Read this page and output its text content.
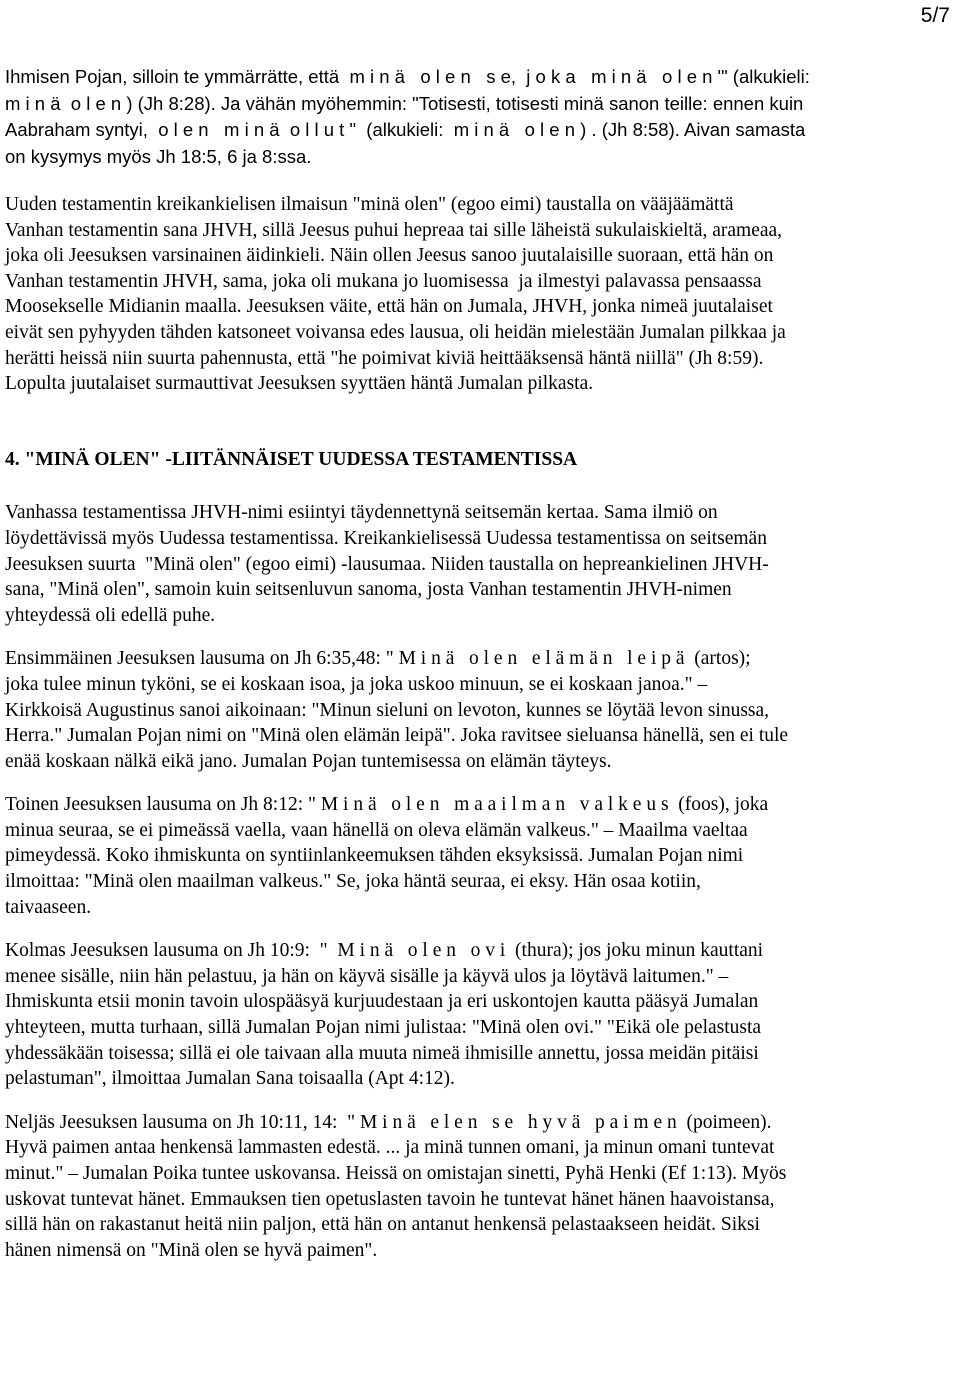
5/7

Ihmisen Pojan, silloin te ymmärrätte, että  m i n ä   o l e n   s e,  j o k a   m i n ä   o l e n '" (alkukieli:
m i n ä  o l e n ) (Jh 8:28). Ja vähän myöhemmin: "Totisesti, totisesti minä sanon teille: ennen kuin
Aabraham syntyi,  o l e n   m i n ä  o l l u t "  (alkukieli:  m i n ä   o l e n ) . (Jh 8:58). Aivan samasta
on kysymys myös Jh 18:5, 6 ja 8:ssa.

Uuden testamentin kreikankielisen ilmaisun "minä olen" (egoo eimi) taustalla on vääjäämättä
Vanhan testamentin sana JHVH, sillä Jeesus puhui hepreaa tai sille läheistä sukulaiskieltä, arameaa,
joka oli Jeesuksen varsinainen äidinkieli. Näin ollen Jeesus sanoo juutalaisille suoraan, että hän on
Vanhan testamentin JHVH, sama, joka oli mukana jo luomisessa  ja ilmestyi palavassa pensaassa
Moosekselle Midianin maalla. Jeesuksen väite, että hän on Jumala, JHVH, jonka nimeä juutalaiset
eivät sen pyhyyden tähden katsoneet voivansa edes lausua, oli heidän mielestään Jumalan pilkkaa ja
herätti heissä niin suurta pahennusta, että "he poimivat kiviä heittääksensä häntä niillä" (Jh 8:59).
Lopulta juutalaiset surmauttivat Jeesuksen syyttäen häntä Jumalan pilkasta.

4. "MINÄ OLEN" -LIITÄNNÄISET UUDESSA TESTAMENTISSA

Vanhassa testamentissa JHVH-nimi esiintyi täydennettynä seitsemän kertaa. Sama ilmiö on
löydettävissä myös Uudessa testamentissa. Kreikankielisessä Uudessa testamentissa on seitsemän
Jeesuksen suurta  "Minä olen" (egoo eimi) -lausumaa. Niiden taustalla on hepreankielinen JHVH-
sana, "Minä olen", samoin kuin seitsenluvun sanoma, josta Vanhan testamentin JHVH-nimen
yhteydessä oli edellä puhe.

Ensimmäinen Jeesuksen lausuma on Jh 6:35,48: " M i n ä   o l e n   e l ä m ä n   l e i p ä  (artos);
joka tulee minun tyköni, se ei koskaan isoa, ja joka uskoo minuun, se ei koskaan janoa." –
Kirkkoisä Augustinus sanoi aikoinaan: "Minun sieluni on levoton, kunnes se löytää levon sinussa,
Herra." Jumalan Pojan nimi on "Minä olen elämän leipä". Joka ravitsee sieluansa hänellä, sen ei tule
enää koskaan nälkä eikä jano. Jumalan Pojan tuntemisessa on elämän täyteys.

Toinen Jeesuksen lausuma on Jh 8:12: " M i n ä   o l e n   m a a i l m a n   v a l k e u s  (foos), joka
minua seuraa, se ei pimeässä vaella, vaan hänellä on oleva elämän valkeus." – Maailma vaeltaa
pimeydessä. Koko ihmiskunta on syntiinlankeemuksen tähden eksyksissä. Jumalan Pojan nimi
ilmoittaa: "Minä olen maailman valkeus." Se, joka häntä seuraa, ei eksy. Hän osaa kotiin,
taivaaseen.

Kolmas Jeesuksen lausuma on Jh 10:9:  "  M i n ä   o l e n   o v i  (thura); jos joku minun kauttani
menee sisälle, niin hän pelastuu, ja hän on käyvä sisälle ja käyvä ulos ja löytävä laitumen." –
Ihmiskunta etsii monin tavoin ulospääsyä kurjuudestaan ja eri uskontojen kautta pääsyä Jumalan
yhteyteen, mutta turhaan, sillä Jumalan Pojan nimi julistaa: "Minä olen ovi." "Eikä ole pelastusta
yhdessäkään toisessa; sillä ei ole taivaan alla muuta nimeä ihmisille annettu, jossa meidän pitäisi
pelastuman", ilmoittaa Jumalan Sana toisaalla (Apt 4:12).

Neljäs Jeesuksen lausuma on Jh 10:11, 14:  " M i n ä   e l e n   s e   h y v ä   p a i m e n  (poimeen).
Hyvä paimen antaa henkensä lammasten edestä. ... ja minä tunnen omani, ja minun omani tuntevat
minut." – Jumalan Poika tuntee uskovansa. Heissä on omistajan sinetti, Pyhä Henki (Ef 1:13). Myös
uskovat tuntevat hänet. Emmauksen tien opetuslasten tavoin he tuntevat hänet hänen haavoistansa,
sillä hän on rakastanut heitä niin paljon, että hän on antanut henkensä pelastaakseen heidät. Siksi
hänen nimensä on "Minä olen se hyvä paimen".
